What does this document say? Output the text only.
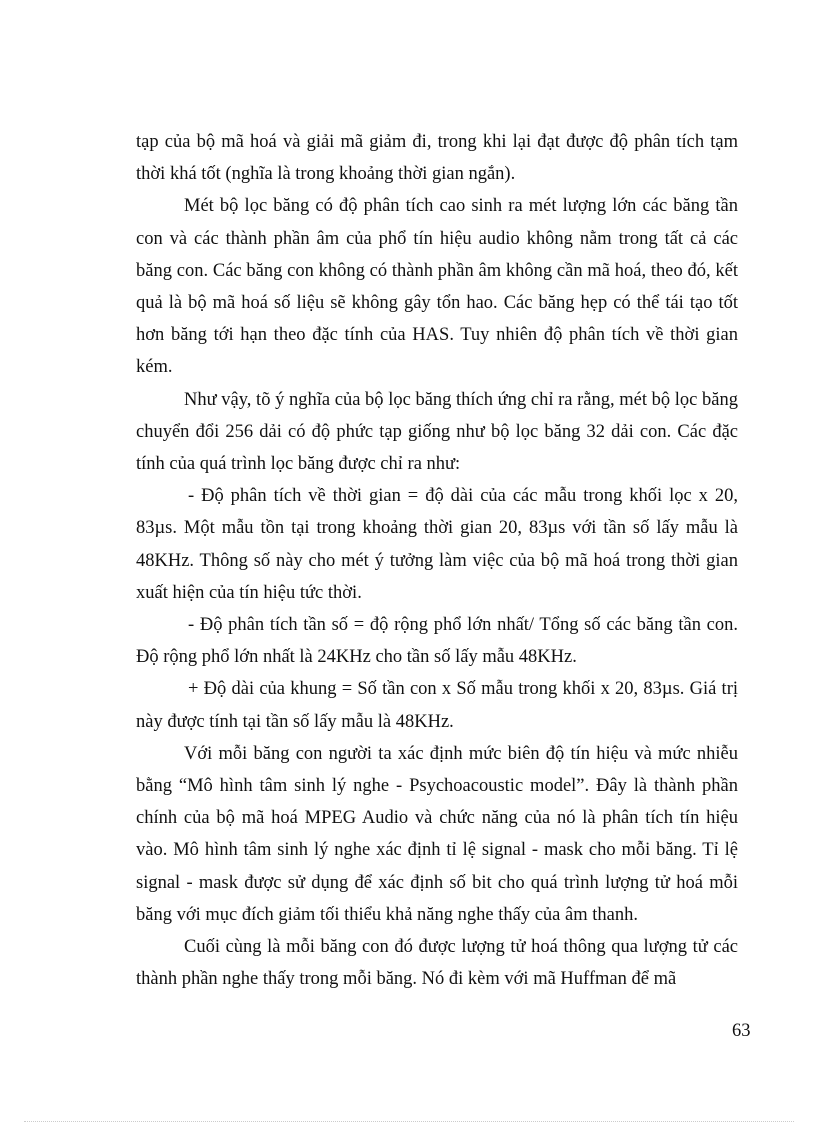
tạp của bộ mã hoá và giải mã giảm đi, trong khi lại đạt được độ phân tích tạm thời khá tốt (nghĩa là trong khoảng thời gian ngắn).

Mét bộ lọc băng có độ phân tích cao sinh ra mét lượng lớn các băng tần con và các thành phần âm của phổ tín hiệu audio không nằm trong tất cả các băng con. Các băng con không có thành phần âm không cần mã hoá, theo đó, kết quả là bộ mã hoá số liệu sẽ không gây tổn hao. Các băng hẹp có thể tái tạo tốt hơn băng tới hạn theo đặc tính của HAS. Tuy nhiên độ phân tích về thời gian kém.

Như vậy, tõ ý nghĩa của bộ lọc băng thích ứng chỉ ra rằng, mét bộ lọc băng chuyển đổi 256 dải có độ phức tạp giống như bộ lọc băng 32 dải con. Các đặc tính của quá trình lọc băng được chỉ ra như:

- Độ phân tích về thời gian = độ dài của các mẫu trong khối lọc x 20, 83µs. Một mẫu tồn tại trong khoảng thời gian 20, 83µs với tần số lấy mẫu là 48KHz. Thông số này cho mét ý tưởng làm việc của bộ mã hoá trong thời gian xuất hiện của tín hiệu tức thời.

- Độ phân tích tần số = độ rộng phổ lớn nhất/ Tổng số các băng tần con. Độ rộng phổ lớn nhất là 24KHz cho tần số lấy mẫu 48KHz.

+ Độ dài của khung = Số tần con x Số mẫu trong khối x 20, 83µs. Giá trị này được tính tại tần số lấy mẫu là 48KHz.

Với mỗi băng con người ta xác định mức biên độ tín hiệu và mức nhiễu bằng “Mô hình tâm sinh lý nghe - Psychoacoustic model”. Đây là thành phần chính của bộ mã hoá MPEG Audio và chức năng của nó là phân tích tín hiệu vào. Mô hình tâm sinh lý nghe xác định tỉ lệ signal - mask cho mỗi băng. Tỉ lệ signal - mask được sử dụng để xác định số bit cho quá trình lượng tử hoá mỗi băng với mục đích giảm tối thiểu khả năng nghe thấy của âm thanh.

Cuối cùng là mỗi băng con đó được lượng tử hoá thông qua lượng tử các thành phần nghe thấy trong mỗi băng. Nó đi kèm với mã Huffman để mã

63
